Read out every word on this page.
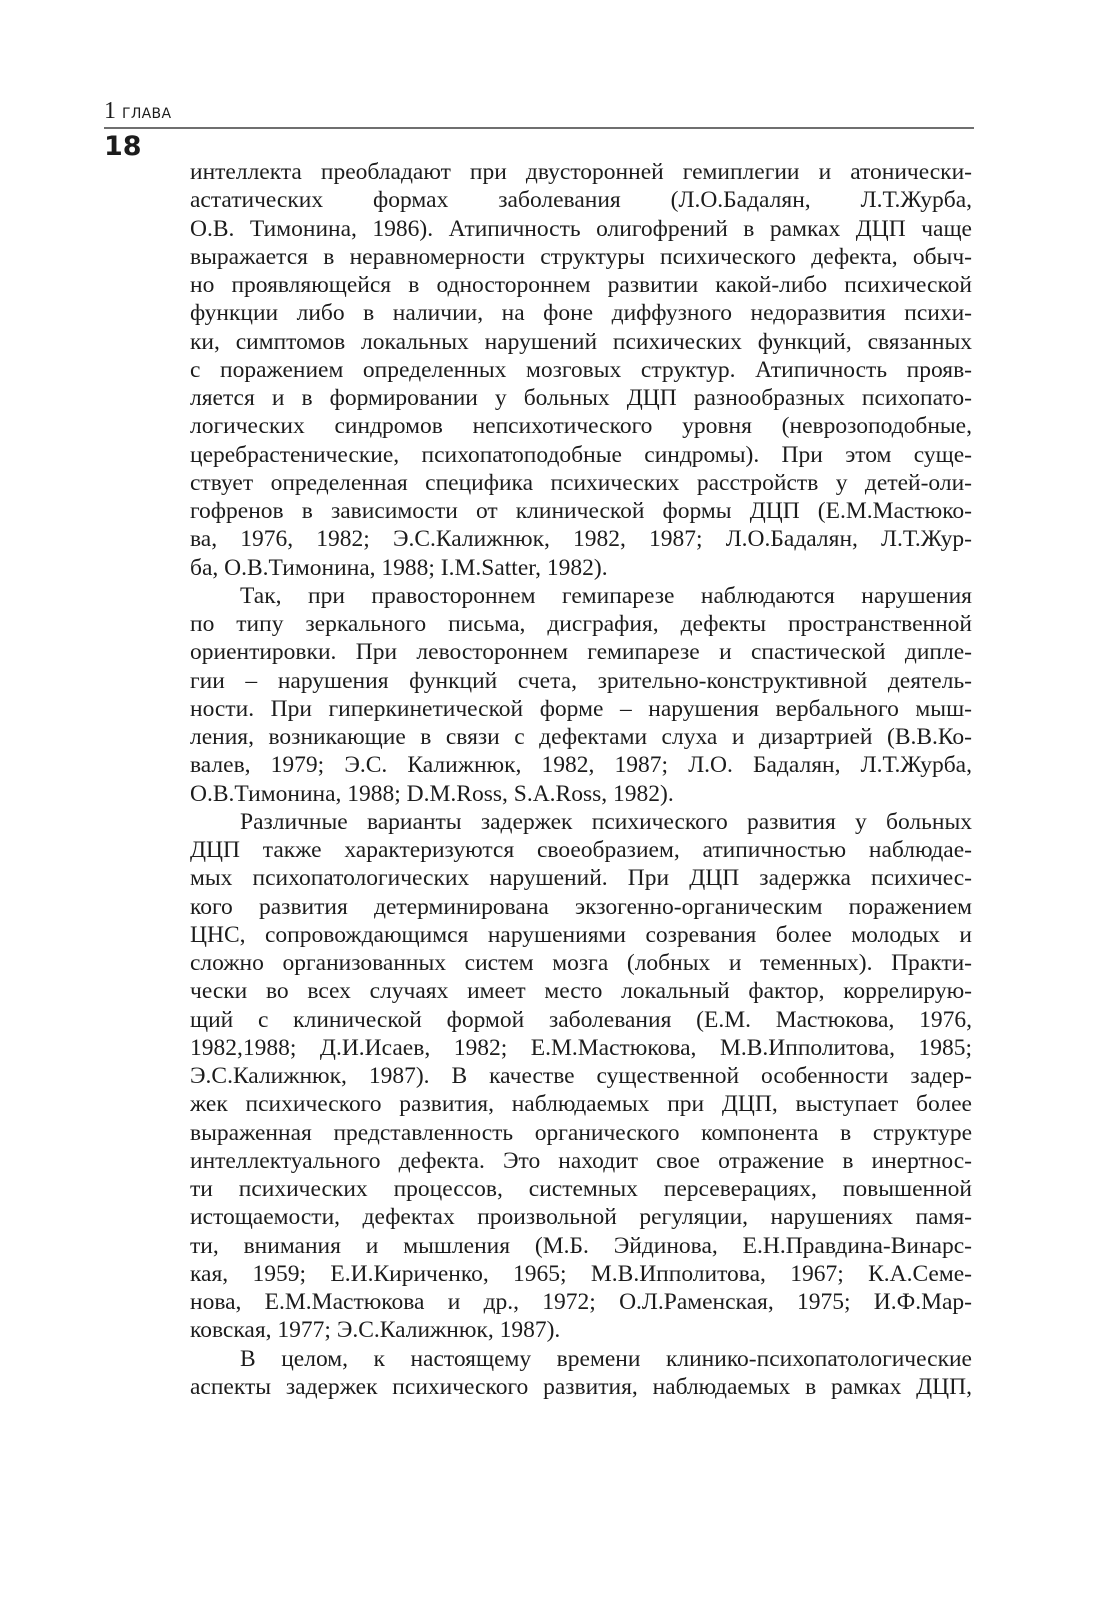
1 ГЛАВА
18
интеллекта преобладают при двусторонней гемиплегии и атонически-
астатических формах заболевания (Л.О.Бадалян, Л.Т.Журба,
О.В. Тимонина, 1986). Атипичность олигофрений в рамках ДЦП чаще
выражается в неравномерности структуры психического дефекта, обыч-
но проявляющейся в одностороннем развитии какой-либо психической
функции либо в наличии, на фоне диффузного недоразвития психи-
ки, симптомов локальных нарушений психических функций, связанных
с поражением определенных мозговых структур. Атипичность прояв-
ляется и в формировании у больных ДЦП разнообразных психопато-
логических синдромов непсихотического уровня (неврозоподобные,
церебрастенические, психопатоподобные синдромы). При этом суще-
ствует определенная специфика психических расстройств у детей-оли-
гофренов в зависимости от клинической формы ДЦП (Е.М.Мастюко-
ва, 1976, 1982; Э.С.Калижнюк, 1982, 1987; Л.О.Бадалян, Л.Т.Жур-
ба, О.В.Тимонина, 1988; I.M.Satter, 1982).
Так, при правостороннем гемипарезе наблюдаются нарушения
по типу зеркального письма, дисграфия, дефекты пространственной
ориентировки. При левостороннем гемипарезе и спастической дипле-
гии – нарушения функций счета, зрительно-конструктивной деятель-
ности. При гиперкинетической форме – нарушения вербального мыш-
ления, возникающие в связи с дефектами слуха и дизартрией (В.В.Ко-
валев, 1979; Э.С. Калижнюк, 1982, 1987; Л.О. Бадалян, Л.Т.Журба,
О.В.Тимонина, 1988; D.M.Ross, S.A.Ross, 1982).
Различные варианты задержек психического развития у больных
ДЦП также характеризуются своеобразием, атипичностью наблюдае-
мых психопатологических нарушений. При ДЦП задержка психичес-
кого развития детерминирована экзогенно-органическим поражением
ЦНС, сопровождающимся нарушениями созревания более молодых и
сложно организованных систем мозга (лобных и теменных). Практи-
чески во всех случаях имеет место локальный фактор, коррелирую-
щий с клинической формой заболевания (Е.М. Мастюкова, 1976,
1982,1988; Д.И.Исаев, 1982; Е.М.Мастюкова, М.В.Ипполитова, 1985;
Э.С.Калижнюк, 1987). В качестве существенной особенности задер-
жек психического развития, наблюдаемых при ДЦП, выступает более
выраженная представленность органического компонента в структуре
интеллектуального дефекта. Это находит свое отражение в инертнос-
ти психических процессов, системных персеверациях, повышенной
истощаемости, дефектах произвольной регуляции, нарушениях памя-
ти, внимания и мышления (М.Б. Эйдинова, Е.Н.Правдина-Винарс-
кая, 1959; Е.И.Кириченко, 1965; М.В.Ипполитова, 1967; К.А.Семе-
нова, Е.М.Мастюкова и др., 1972; О.Л.Раменская, 1975; И.Ф.Мар-
ковская, 1977; Э.С.Калижнюк, 1987).
В целом, к настоящему времени клинико-психопатологические
аспекты задержек психического развития, наблюдаемых в рамках ДЦП,
